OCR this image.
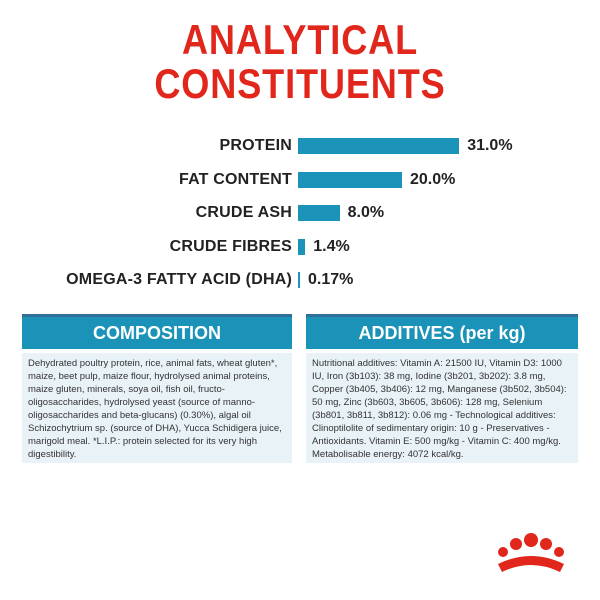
ANALYTICAL
CONSTITUENTS
PROTEIN	31.0%
FAT CONTENT	20.0%
CRUDE ASH	8.0%
CRUDE FIBRES 1.4%
OMEGA-3 FATTY ACID (DHA) 0.17%
COMPOSITION
Dehydrated poultry protein, rice, animal fats, wheat gluten*, maize, beet pulp, maize flour, hydrolysed animal proteins, maize gluten, minerals, soya oil, fish oil, fructo-oligosaccharides, hydrolysed yeast (source of manno-oligosaccharides and beta-glucans) (0.30%), algal oil Schizochytrium sp. (source of DHA), Yucca Schidigera juice, marigold meal. *L.I.P.: protein selected for its very high digestibility.
ADDITIVES (per kg)
Nutritional additives: Vitamin A: 21500 IU, Vitamin D3: 1000 IU, Iron (3b103): 38 mg, Iodine (3b201, 3b202): 3.8 mg, Copper (3b405, 3b406): 12 mg, Manganese (3b502, 3b504): 50 mg, Zinc (3b603, 3b605, 3b606): 128 mg, Selenium (3b801, 3b811, 3b812): 0.06 mg - Technological additives: Clinoptilolite of sedimentary origin: 10 g - Preservatives - Antioxidants. Vitamin E: 500 mg/kg - Vitamin C: 400 mg/kg. Metabolisable energy: 4072 kcal/kg.
